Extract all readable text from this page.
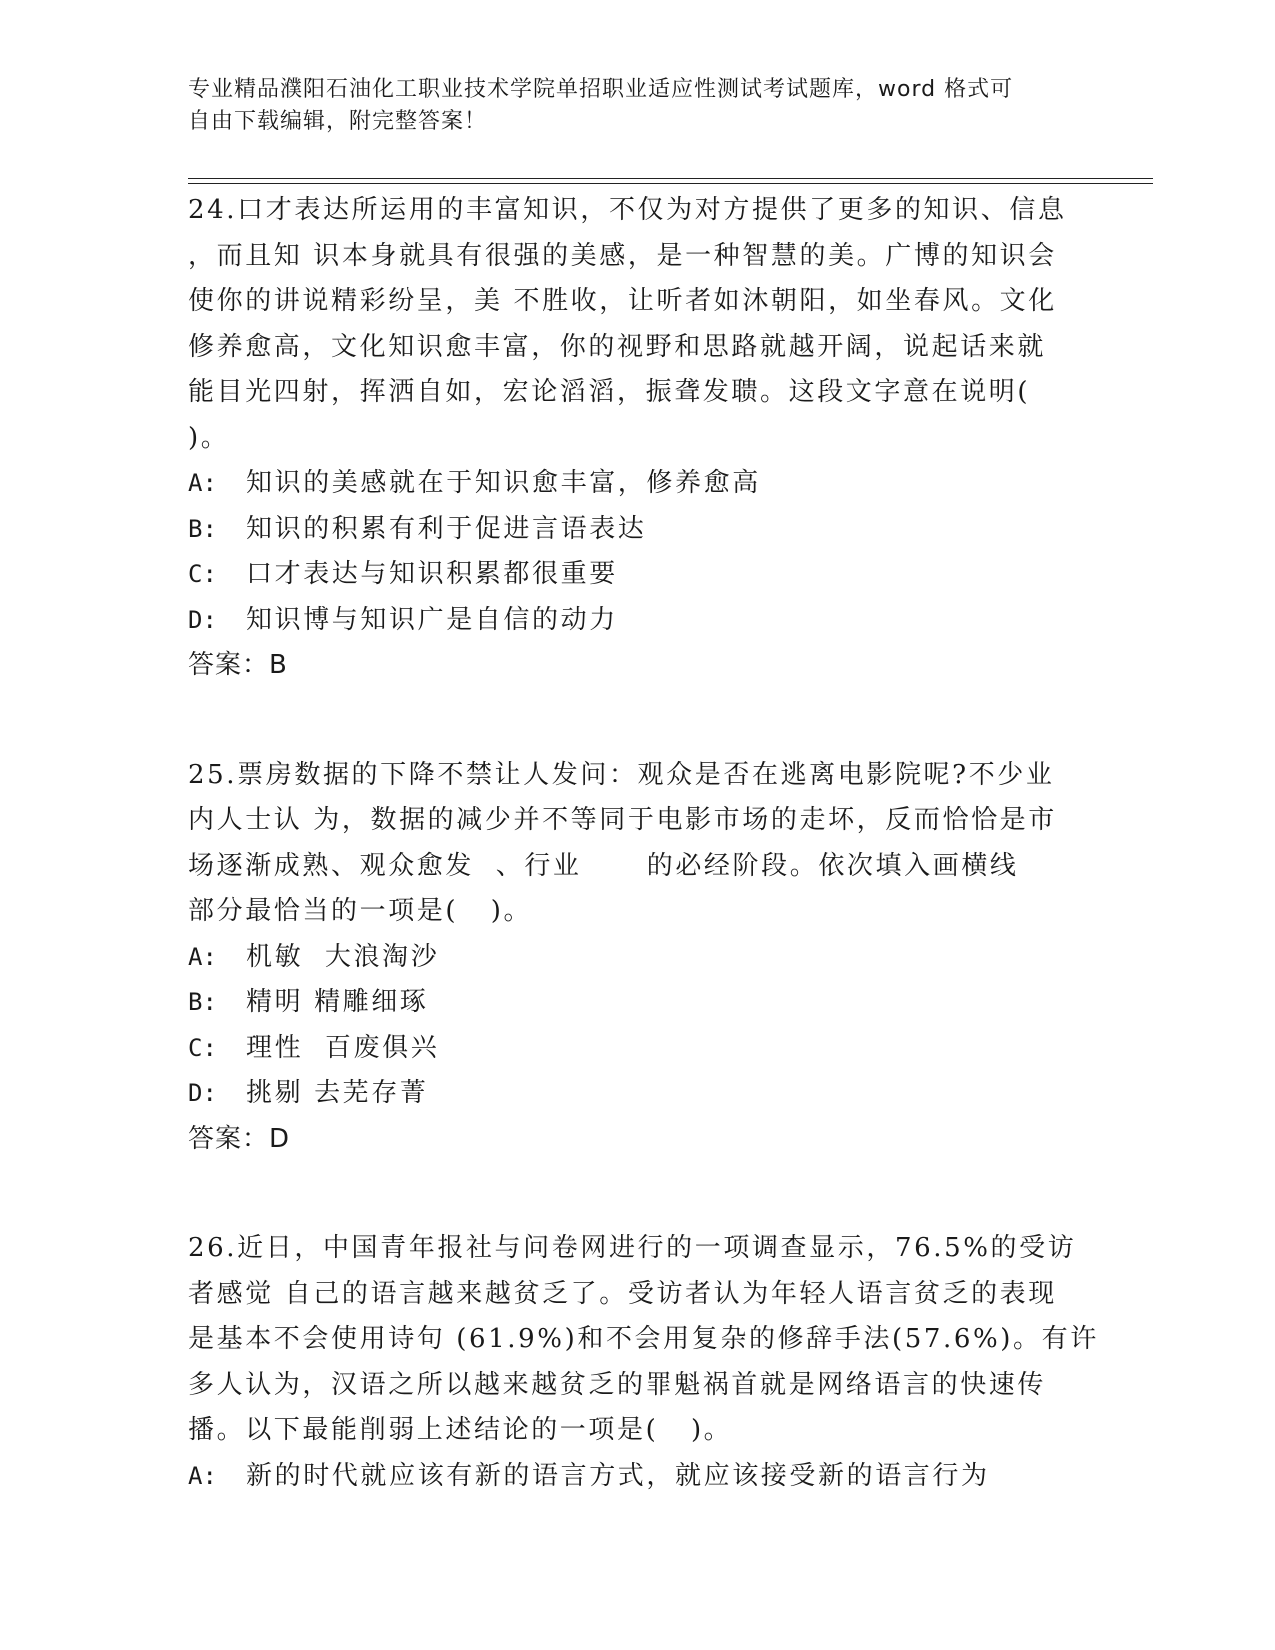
专业精品濮阳石油化工职业技术学院单招职业适应性测试考试题库，word 格式可
自由下载编辑，附完整答案！
24.口才表达所运用的丰富知识，不仅为对方提供了更多的知识、信息
，而且知 识本身就具有很强的美感，是一种智慧的美。广博的知识会
使你的讲说精彩纷呈，美 不胜收，让听者如沐朝阳，如坐春风。文化
修养愈高，文化知识愈丰富，你的视野和思路就越开阔，说起话来就
能目光四射，挥洒自如，宏论滔滔，振聋发聩。这段文字意在说明(
)。
A:	知识的美感就在于知识愈丰富，修养愈高
B:	知识的积累有利于促进言语表达
C:	口才表达与知识积累都很重要
D:	知识博与知识广是自信的动力
答案：B
25.票房数据的下降不禁让人发问：观众是否在逃离电影院呢?不少业
内人士认 为，数据的减少并不等同于电影市场的走坏，反而恰恰是市
场逐渐成熟、观众愈发  、行业      的必经阶段。依次填入画横线
部分最恰当的一项是(   )。
A:	机敏  大浪淘沙
B:	精明 精雕细琢
C:	理性  百废俱兴
D:	挑剔 去芜存菁
答案：D
26.近日，中国青年报社与问卷网进行的一项调查显示，76.5%的受访
者感觉 自己的语言越来越贫乏了。受访者认为年轻人语言贫乏的表现
是基本不会使用诗句 (61.9%)和不会用复杂的修辞手法(57.6%)。有许
多人认为，汉语之所以越来越贫乏的罪魁祸首就是网络语言的快速传
播。以下最能削弱上述结论的一项是(   )。
A:	新的时代就应该有新的语言方式，就应该接受新的语言行为
